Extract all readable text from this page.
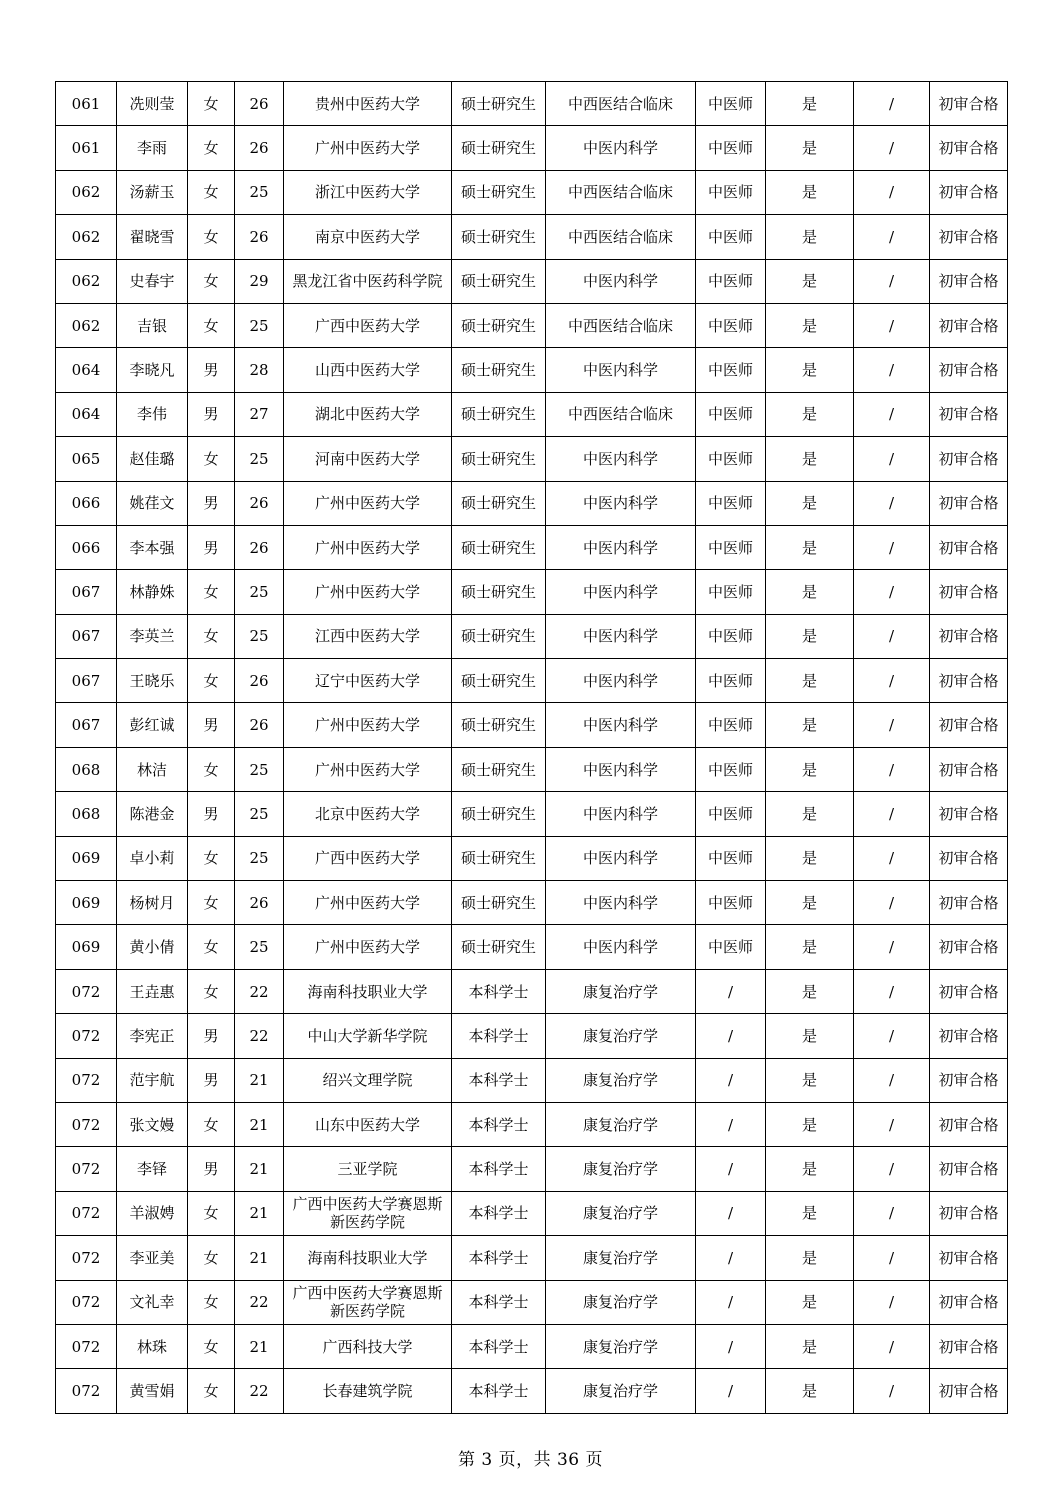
061	冼则莹	女	26	贵州中医药大学	硕士研究生	中西医结合临床	中医师	是	/	初审合格
061	李雨	女	26	广州中医药大学	硕士研究生	中医内科学	中医师	是	/	初审合格
062	汤薪玉	女	25	浙江中医药大学	硕士研究生	中西医结合临床	中医师	是	/	初审合格
062	翟晓雪	女	26	南京中医药大学	硕士研究生	中西医结合临床	中医师	是	/	初审合格
062	史春宇	女	29	黑龙江省中医药科学院	硕士研究生	中医内科学	中医师	是	/	初审合格
062	吉银	女	25	广西中医药大学	硕士研究生	中西医结合临床	中医师	是	/	初审合格
064	李晓凡	男	28	山西中医药大学	硕士研究生	中医内科学	中医师	是	/	初审合格
064	李伟	男	27	湖北中医药大学	硕士研究生	中西医结合临床	中医师	是	/	初审合格
065	赵佳璐	女	25	河南中医药大学	硕士研究生	中医内科学	中医师	是	/	初审合格
066	姚荏文	男	26	广州中医药大学	硕士研究生	中医内科学	中医师	是	/	初审合格
066	李本强	男	26	广州中医药大学	硕士研究生	中医内科学	中医师	是	/	初审合格
067	林静姝	女	25	广州中医药大学	硕士研究生	中医内科学	中医师	是	/	初审合格
067	李英兰	女	25	江西中医药大学	硕士研究生	中医内科学	中医师	是	/	初审合格
067	王晓乐	女	26	辽宁中医药大学	硕士研究生	中医内科学	中医师	是	/	初审合格
067	彭红诚	男	26	广州中医药大学	硕士研究生	中医内科学	中医师	是	/	初审合格
068	林洁	女	25	广州中医药大学	硕士研究生	中医内科学	中医师	是	/	初审合格
068	陈港金	男	25	北京中医药大学	硕士研究生	中医内科学	中医师	是	/	初审合格
069	卓小莉	女	25	广西中医药大学	硕士研究生	中医内科学	中医师	是	/	初审合格
069	杨树月	女	26	广州中医药大学	硕士研究生	中医内科学	中医师	是	/	初审合格
069	黄小倩	女	25	广州中医药大学	硕士研究生	中医内科学	中医师	是	/	初审合格
072	王垚惠	女	22	海南科技职业大学	本科学士	康复治疗学	/	是	/	初审合格
072	李宪正	男	22	中山大学新华学院	本科学士	康复治疗学	/	是	/	初审合格
072	范宇航	男	21	绍兴文理学院	本科学士	康复治疗学	/	是	/	初审合格
072	张文嫚	女	21	山东中医药大学	本科学士	康复治疗学	/	是	/	初审合格
072	李铎	男	21	三亚学院	本科学士	康复治疗学	/	是	/	初审合格
072	羊淑娉	女	21	广西中医药大学赛恩斯新医药学院	本科学士	康复治疗学	/	是	/	初审合格
072	李亚美	女	21	海南科技职业大学	本科学士	康复治疗学	/	是	/	初审合格
072	文礼幸	女	22	广西中医药大学赛恩斯新医药学院	本科学士	康复治疗学	/	是	/	初审合格
072	林珠	女	21	广西科技大学	本科学士	康复治疗学	/	是	/	初审合格
072	黄雪娟	女	22	长春建筑学院	本科学士	康复治疗学	/	是	/	初审合格
第 3 页，共 36 页
